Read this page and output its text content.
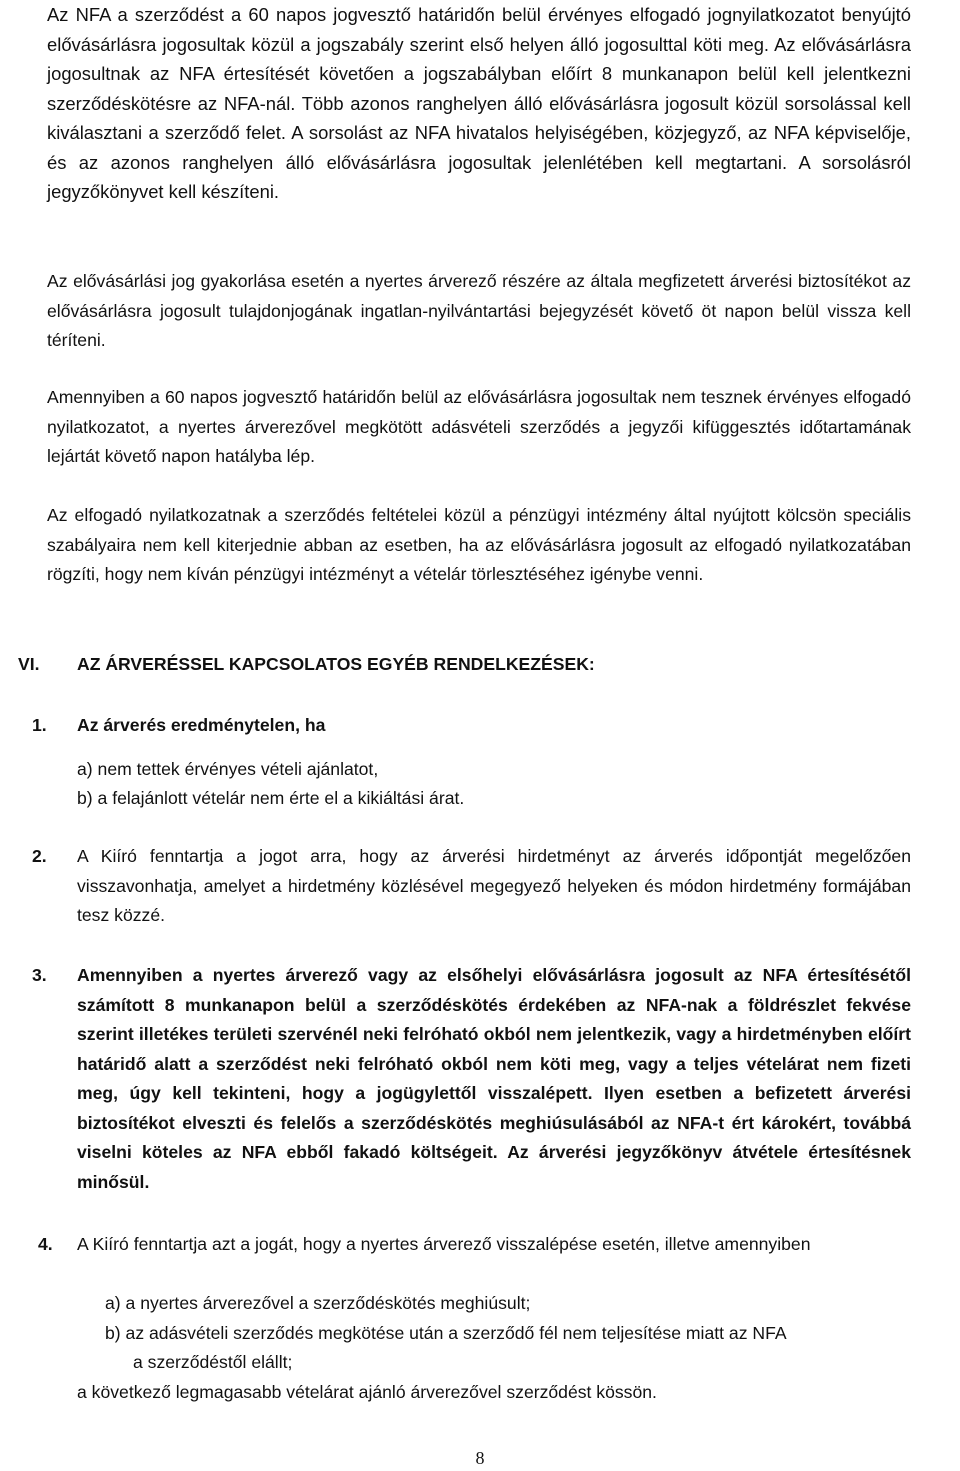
Az NFA a szerződést a 60 napos jogvesztő határidőn belül érvényes elfogadó jognyilatkozatot benyújtó elővásárlásra jogosultak közül a jogszabály szerint első helyen álló jogosulttal köti meg. Az elővásárlásra jogosultnak az NFA értesítését követően a jogszabályban előírt 8 munkanapon belül kell jelentkezni szerződéskötésre az NFA-nál. Több azonos ranghelyen álló elővásárlásra jogosult közül sorsolással kell kiválasztani a szerződő felet. A sorsolást az NFA hivatalos helyiségében, közjegyző, az NFA képviselője, és az azonos ranghelyen álló elővásárlásra jogosultak jelenlétében kell megtartani. A sorsolásról jegyzőkönyvet kell készíteni.

Az elővásárlási jog gyakorlása esetén a nyertes árverező részére az általa megfizetett árverési biztosítékot az elővásárlásra jogosult tulajdonjogának ingatlan-nyilvántartási bejegyzését követő öt napon belül vissza kell téríteni.

Amennyiben a 60 napos jogvesztő határidőn belül az elővásárlásra jogosultak nem tesznek érvényes elfogadó nyilatkozatot, a nyertes árverezővel megkötött adásvételi szerződés a jegyzői kifüggesztés időtartamának lejártát követő napon hatályba lép.

Az elfogadó nyilatkozatnak a szerződés feltételei közül a pénzügyi intézmény által nyújtott kölcsön speciális szabályaira nem kell kiterjednie abban az esetben, ha az elővásárlásra jogosult az elfogadó nyilatkozatában rögzíti, hogy nem kíván pénzügyi intézményt a vételár törlesztéséhez igénybe venni.

VI. AZ ÁRVERÉSSEL KAPCSOLATOS EGYÉB RENDELKEZÉSEK:
1. Az árverés eredménytelen, ha

a) nem tettek érvényes vételi ajánlatot,
b) a felajánlott vételár nem érte el a kikiáltási árat.
2. A Kiíró fenntartja a jogot arra, hogy az árverési hirdetményt az árverés időpontját megelőzően visszavonhatja, amelyet a hirdetmény közlésével megegyező helyeken és módon hirdetmény formájában tesz közzé.

3. Amennyiben a nyertes árverező vagy az elsőhelyi elővásárlásra jogosult az NFA értesítésétől számított 8 munkanapon belül a szerződéskötés érdekében az NFA-nak a földrészlet fekvése szerint illetékes területi szervénél neki felróható okból nem jelentkezik, vagy a hirdetményben előírt határidő alatt a szerződést neki felróható okból nem köti meg, vagy a teljes vételárat nem fizeti meg, úgy kell tekinteni, hogy a jogügylettől visszalépett. Ilyen esetben a befizetett árverési biztosítékot elveszti és felelős a szerződéskötés meghiúsulásából az NFA-t ért károkért, továbbá viselni köteles az NFA ebből fakadó költségeit. Az árverési jegyzőkönyv átvétele értesítésnek minősül.

4. A Kiíró fenntartja azt a jogát, hogy a nyertes árverező visszalépése esetén, illetve amennyiben

a) a nyertes árverezővel a szerződéskötés meghiúsult;
b) az adásvételi szerződés megkötése után a szerződő fél nem teljesítése miatt az NFA
a szerződéstől elállt;
a következő legmagasabb vételárat ajánló árverezővel szerződést kössön.
8
